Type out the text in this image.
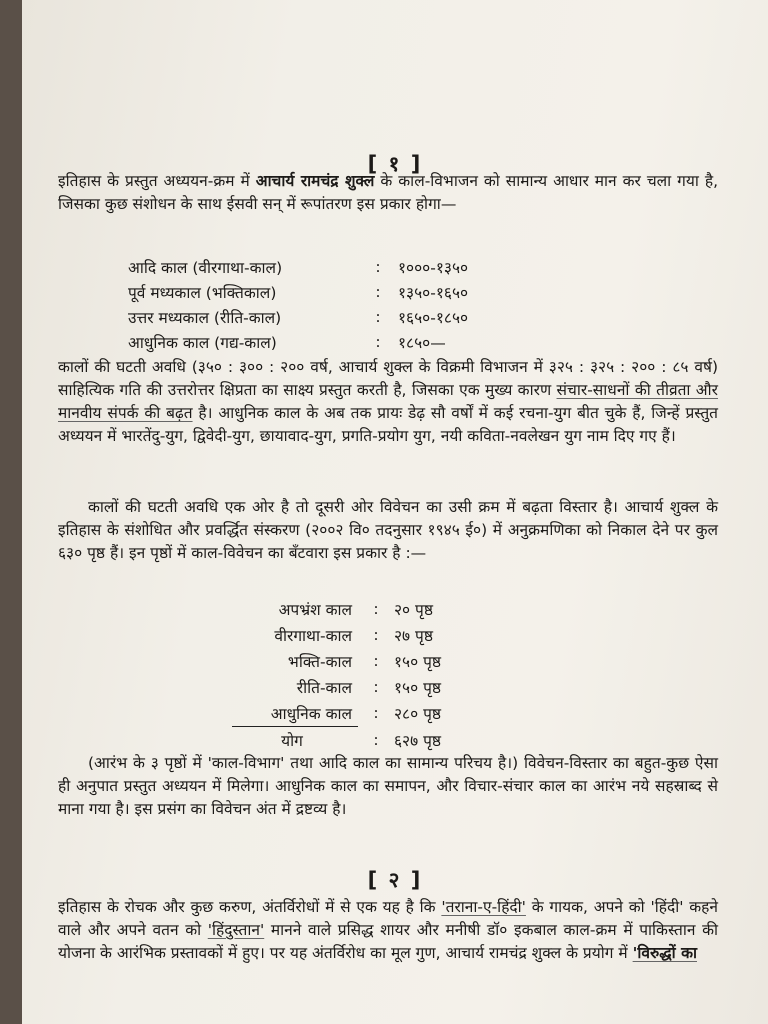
[ १ ]

इतिहास के प्रस्तुत अध्ययन-क्रम में आचार्य रामचंद्र शुक्ल के काल-विभाजन को सामान्य आधार मान कर चला गया है, जिसका कुछ संशोधन के साथ ईसवी सन् में रूपांतरण इस प्रकार होगा—

आदि काल (वीरगाथा-काल)	:	१०००-१३५०
पूर्व मध्यकाल (भक्तिकाल)	:	१३५०-१६५०
उत्तर मध्यकाल (रीति-काल)	:	१६५०-१८५०
आधुनिक काल (गद्य-काल)	:	१८५०—

कालों की घटती अवधि (३५० : ३०० : २०० वर्ष, आचार्य शुक्ल के विक्रमी विभाजन में ३२५ : ३२५ : २०० : ८५ वर्ष) साहित्यिक गति की उत्तरोत्तर क्षिप्रता का साक्ष्य प्रस्तुत करती है, जिसका एक मुख्य कारण संचार-साधनों की तीव्रता और मानवीय संपर्क की बढ़त है। आधुनिक काल के अब तक प्रायः डेढ़ सौ वर्षों में कई रचना-युग बीत चुके हैं, जिन्हें प्रस्तुत अध्ययन में भारतेंदु-युग, द्विवेदी-युग, छायावाद-युग, प्रगति-प्रयोग युग, नयी कविता-नवलेखन युग नाम दिए गए हैं।

कालों की घटती अवधि एक ओर है तो दूसरी ओर विवेचन का उसी क्रम में बढ़ता विस्तार है। आचार्य शुक्ल के इतिहास के संशोधित और प्रवर्द्धित संस्करण (२००२ वि० तदनुसार १९४५ ई०) में अनुक्रमणिका को निकाल देने पर कुल ६३० पृष्ठ हैं। इन पृष्ठों में काल-विवेचन का बँटवारा इस प्रकार है :—

अपभ्रंश काल	:	२० पृष्ठ
वीरगाथा-काल	:	२७ पृष्ठ
भक्ति-काल	:	१५० पृष्ठ
रीति-काल	:	१५० पृष्ठ
आधुनिक काल	:	२८० पृष्ठ
योग	:	६२७ पृष्ठ

(आरंभ के ३ पृष्ठों में 'काल-विभाग' तथा आदि काल का सामान्य परिचय है।) विवेचन-विस्तार का बहुत-कुछ ऐसा ही अनुपात प्रस्तुत अध्ययन में मिलेगा। आधुनिक काल का समापन, और विचार-संचार काल का आरंभ नये सहस्राब्द से माना गया है। इस प्रसंग का विवेचन अंत में द्रष्टव्य है।

[ २ ]

इतिहास के रोचक और कुछ करुण, अंतर्विरोधों में से एक यह है कि 'तराना-ए-हिंदी' के गायक, अपने को 'हिंदी' कहने वाले और अपने वतन को 'हिंदुस्तान' मानने वाले प्रसिद्ध शायर और मनीषी डॉ० इकबाल काल-क्रम में पाकिस्तान की योजना के आरंभिक प्रस्तावकों में हुए। पर यह अंतर्विरोध का मूल गुण, आचार्य रामचंद्र शुक्ल के प्रयोग में 'विरुद्धों का
